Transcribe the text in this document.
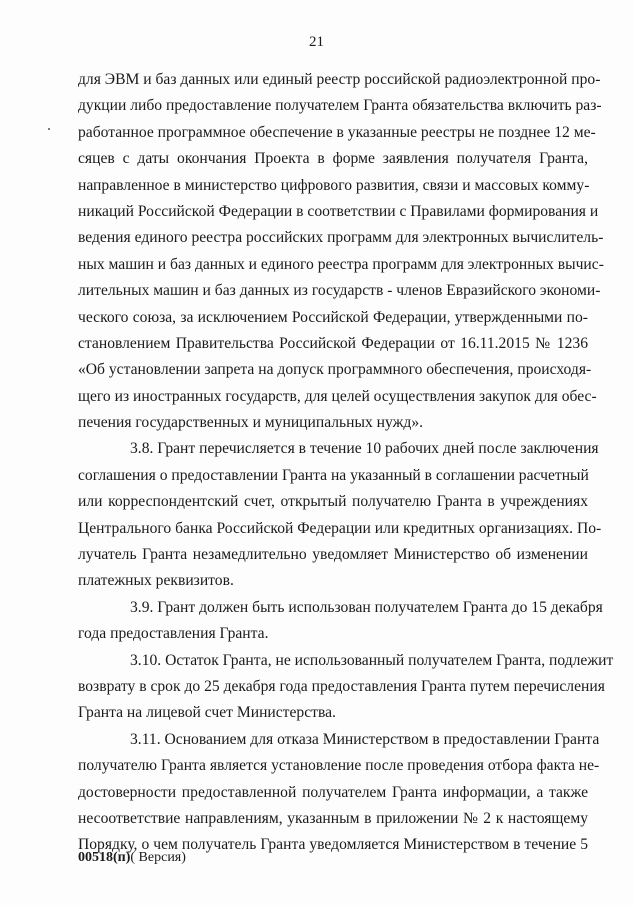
21
для ЭВМ и баз данных или единый реестр российской радиоэлектронной про-
дукции либо предоставление получателем Гранта обязательства включить раз-
работанное программное обеспечение в указанные реестры не позднее 12 ме-
сяцев с даты окончания Проекта в форме заявления получателя Гранта,
направленное в министерство цифрового развития, связи и массовых комму-
никаций Российской Федерации в соответствии с Правилами формирования и
ведения единого реестра российских программ для электронных вычислитель-
ных машин и баз данных и единого реестра программ для электронных вычис-
лительных машин и баз данных из государств - членов Евразийского экономи-
ческого союза, за исключением Российской Федерации, утвержденными по-
становлением Правительства Российской Федерации от 16.11.2015 № 1236
«Об установлении запрета на допуск программного обеспечения, происходя-
щего из иностранных государств, для целей осуществления закупок для обес-
печения государственных и муниципальных нужд».
3.8. Грант перечисляется в течение 10 рабочих дней после заключения
соглашения о предоставлении Гранта на указанный в соглашении расчетный
или корреспондентский счет, открытый получателю Гранта в учреждениях
Центрального банка Российской Федерации или кредитных организациях. По-
лучатель Гранта незамедлительно уведомляет Министерство об изменении
платежных реквизитов.
3.9. Грант должен быть использован получателем Гранта до 15 декабря
года предоставления Гранта.
3.10. Остаток Гранта, не использованный получателем Гранта, подлежит
возврату в срок до 25 декабря года предоставления Гранта путем перечисления
Гранта на лицевой счет Министерства.
3.11. Основанием для отказа Министерством в предоставлении Гранта
получателю Гранта является установление после проведения отбора факта не-
достоверности предоставленной получателем Гранта информации, а также
несоответствие направлениям, указанным в приложении № 2 к настоящему
Порядку, о чем получатель Гранта уведомляется Министерством в течение 5
00518(п)( Версия)
